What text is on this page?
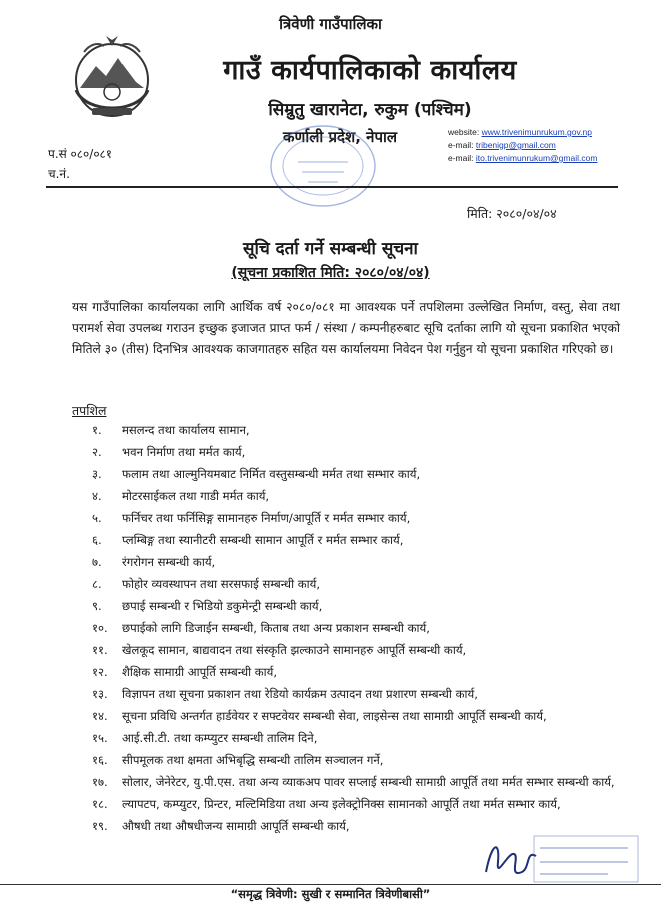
त्रिवेणी गाउँपालिका
गाउँ कार्यपालिकाको कार्यालय
सिम्रुतु खारानेटा, रुकुम (पश्चिम)
कर्णाली प्रदेश, नेपाल	website: www.trivenimunrukum.gov.np
e-mail: tribenigp@gmail.com
e-mail: ito.trivenimunrukum@gmail.com
प.सं ०८०/०८१
च.नं.
मिति: २०८०/०४/०४
सूचि दर्ता गर्ने सम्बन्धी सूचना
(सूचना प्रकाशित मिति: २०८०/०४/०४)
यस गाउँपालिका कार्यालयका लागि आर्थिक वर्ष २०८०/०८१ मा आवश्यक पर्ने तपशिलमा उल्लेखित निर्माण, वस्तु, सेवा तथा परामर्श सेवा उपलब्ध गराउन इच्छुक इजाजत प्राप्त फर्म / संस्था / कम्पनीहरुबाट सूचि दर्ताका लागि यो सूचना प्रकाशित भएको मितिले ३० (तीस) दिनभित्र आवश्यक काजगातहरु सहित यस कार्यालयमा निवेदन पेश गर्नुहुन यो सूचना प्रकाशित गरिएको छ।
तपशिल
१.	मसलन्द तथा कार्यालय सामान,
२.	भवन निर्माण तथा मर्मत कार्य,
३.	फलाम तथा आल्मुनियमबाट निर्मित वस्तुसम्बन्धी मर्मत तथा सम्भार कार्य,
४.	मोटरसाईकल तथा गाडी मर्मत कार्य,
५.	फर्निचर तथा फर्निसिङ्ग सामानहरु निर्माण/आपूर्ति र मर्मत सम्भार कार्य,
६.	प्लम्बिङ्ग तथा स्यानीटरी सम्बन्धी सामान आपूर्ति र मर्मत सम्भार कार्य,
७.	रंगरोगन सम्बन्धी कार्य,
८.	फोहोर व्यवस्थापन तथा सरसफाई सम्बन्धी कार्य,
९.	छपाई सम्बन्धी र भिडियो डकुमेन्ट्री सम्बन्धी कार्य,
१०.	छपाईको लागि डिजाईन सम्बन्धी, किताब तथा अन्य प्रकाशन सम्बन्धी कार्य,
११.	खेलकूद सामान, बाद्यवादन तथा संस्कृति झल्काउने सामानहरु आपूर्ति सम्बन्धी कार्य,
१२.	शैक्षिक सामाग्री आपूर्ति सम्बन्धी कार्य,
१३.	विज्ञापन तथा सूचना प्रकाशन तथा रेडियो कार्यक्रम उत्पादन तथा प्रशारण सम्बन्धी कार्य,
१४.	सूचना प्रविधि अन्तर्गत हार्डवेयर र सफ्टवेयर सम्बन्धी सेवा, लाइसेन्स तथा सामाग्री आपूर्ति सम्बन्धी कार्य,
१५.	आई.सी.टी. तथा कम्प्युटर सम्बन्धी तालिम दिने,
१६.	सीपमूलक तथा क्षमता अभिबृद्धि सम्बन्धी तालिम सञ्चालन गर्ने,
१७.	सोलार, जेनेरेटर, यु.पी.एस. तथा अन्य व्याकअप पावर सप्लाई सम्बन्धी सामाग्री आपूर्ति तथा मर्मत सम्भार सम्बन्धी कार्य,
१८.	ल्यापटप, कम्प्युटर, प्रिन्टर, मल्टिमिडिया तथा अन्य इलेक्ट्रोनिक्स सामानको आपूर्ति तथा मर्मत सम्भार कार्य,
१९.	औषधी तथा औषधीजन्य सामाग्री आपूर्ति सम्बन्धी कार्य,
“समृद्ध त्रिवेणी: सुखी र सम्मानित त्रिवेणीबासी”
